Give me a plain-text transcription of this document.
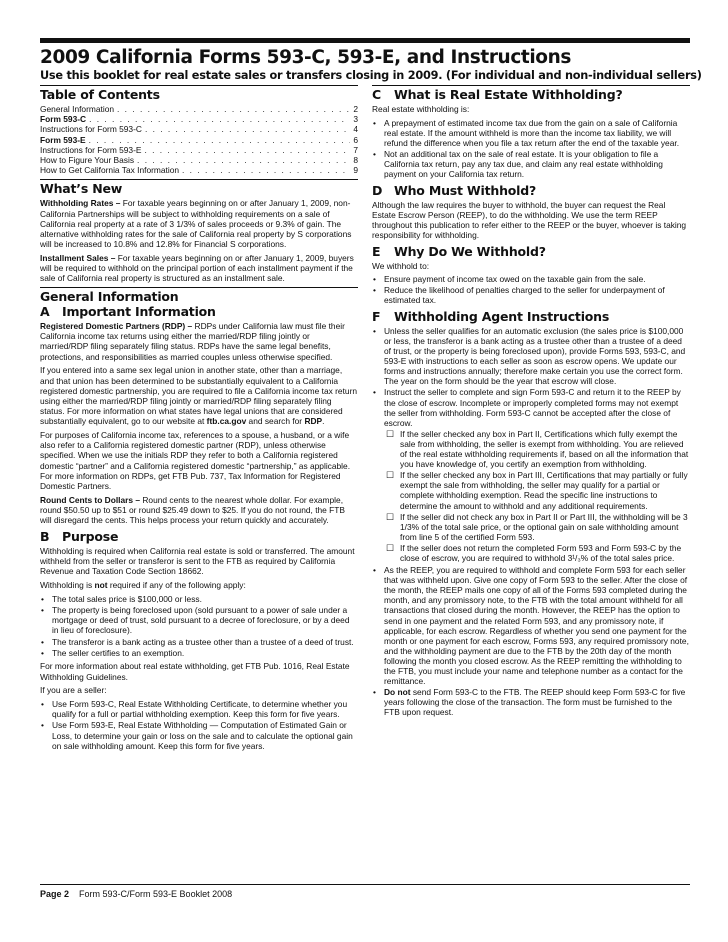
2009 California Forms 593-C, 593-E, and Instructions
Use this booklet for real estate sales or transfers closing in 2009. (For individual and non-individual sellers)
Table of Contents
General Information . . .	2
Form 593-C . . .	3
Instructions for Form 593-C . . .	4
Form 593-E . . .	6
Instructions for Form 593-E . . .	7
How to Figure Your Basis . . .	8
How to Get California Tax Information . . .	9
What’s New

Withholding Rates – For taxable years beginning on or after January 1, 2009, non-California Partnerships will be subject to withholding requirements on a sale of California real property at a rate of 3 1/3% of sales proceeds or 9.3% of gain. The alternative withholding rates for the sale of California real property by S corporations will be increased to 10.8% and 12.8% for Financial S corporations.

Installment Sales – For taxable years beginning on or after January 1, 2009, buyers will be required to withhold on the principal portion of each installment payment if the sale of California real property is structured as an installment sale.

General Information
A Important Information

Registered Domestic Partners (RDP) – RDPs under California law must file their California income tax returns using either the married/RDP filing jointly or married/RDP filing separately filing status. RDPs have the same legal benefits, protections, and responsibilities as married couples unless otherwise specified.

If you entered into a same sex legal union in another state, other than a marriage, and that union has been determined to be substantially equivalent to a California registered domestic partnership, you are required to file a California income tax return using either the married/RDP filing jointly or married/RDP filing separately filing status. For more information on what states have legal unions that are considered substantially equivalent, go to our website at ftb.ca.gov and search for RDP.

For purposes of California income tax, references to a spouse, a husband, or a wife also refer to a California registered domestic partner (RDP), unless otherwise specified. When we use the initials RDP they refer to both a California registered domestic “partner” and a California registered domestic “partnership,” as applicable. For more information on RDPs, get FTB Pub. 737, Tax Information for Registered Domestic Partners.

Round Cents to Dollars – Round cents to the nearest whole dollar. For example, round $50.50 up to $51 or round $25.49 down to $25. If you do not round, the FTB will disregard the cents. This helps process your return quickly and accurately.

B Purpose

Withholding is required when California real estate is sold or transferred. The amount withheld from the seller or transferor is sent to the FTB as required by California Revenue and Taxation Code Section 18662.

Withholding is not required if any of the following apply:

• The total sales price is $100,000 or less.
• The property is being foreclosed upon (sold pursuant to a power of sale under a mortgage or deed of trust, sold pursuant to a decree of foreclosure, or by a deed in lieu of foreclosure).
• The transferor is a bank acting as a trustee other than a trustee of a deed of trust.
• The seller certifies to an exemption.

For more information about real estate withholding, get FTB Pub. 1016, Real Estate Withholding Guidelines.

If you are a seller:

• Use Form 593-C, Real Estate Withholding Certificate, to determine whether you qualify for a full or partial withholding exemption. Keep this form for five years.
• Use Form 593-E, Real Estate Withholding — Computation of Estimated Gain or Loss, to determine your gain or loss on the sale and to calculate the optional gain on sale withholding amount. Keep this form for five years.
C What is Real Estate Withholding?

Real estate withholding is:

• A prepayment of estimated income tax due from the gain on a sale of California real estate. If the amount withheld is more than the income tax liability, we will refund the difference when you file a tax return after the end of the taxable year.
• Not an additional tax on the sale of real estate. It is your obligation to file a California tax return, pay any tax due, and claim any real estate withholding payment on your California tax return.
D Who Must Withhold?

Although the law requires the buyer to withhold, the buyer can request the Real Estate Escrow Person (REEP), to do the withholding. We use the term REEP throughout this publication to refer either to the REEP or the buyer, whoever is taking responsibility for withholding.

E Why Do We Withhold?

We withhold to:

• Ensure payment of income tax owed on the taxable gain from the sale.
• Reduce the likelihood of penalties charged to the seller for underpayment of estimated tax.
F Withholding Agent Instructions
• Unless the seller qualifies for an automatic exclusion (the sales price is $100,000 or less, the transferor is a bank acting as a trustee other than a trustee of a deed of trust, or the property is being foreclosed upon), provide Forms 593, 593-C, and 593-E with instructions to each seller as soon as escrow opens. We update our forms and instructions annually; therefore make certain you use the correct form. The year on the form should be the year that escrow will close.
• Instruct the seller to complete and sign Form 593-C and return it to the REEP by the close of escrow. Incomplete or improperly completed forms may not exempt the seller from withholding. Form 593-C cannot be accepted after the close of escrow.
☐ If the seller checked any box in Part II, Certifications which fully exempt the sale from withholding, the seller is exempt from withholding. You are relieved of the real estate withholding requirements if, based on all the information that you have knowledge of, you certify an exemption from withholding.
☐ If the seller checked any box in Part III, Certifications that may partially or fully exempt the sale from withholding, the seller may qualify for a partial or complete withholding exemption. Read the specific line instructions to determine the amount to withhold and any additional requirements.
☐ If the seller did not check any box in Part II or Part III, the withholding will be 3 1/3% of the total sale price, or the optional gain on sale withholding amount from line 5 of the certified Form 593.
☐ If the seller does not return the completed Form 593 and Form 593-C by the close of escrow, you are required to withhold 3¹/₃% of the total sales price.
• As the REEP, you are required to withhold and complete Form 593 for each seller that was withheld upon. Give one copy of Form 593 to the seller. After the close of the month, the REEP mails one copy of all of the Forms 593 completed during the month, and any promissory note, to the FTB with the total amount withheld for all transactions that closed during the month. However, the REEP has the option to send in one payment and the related Form 593, and any promissory note, if applicable, for each escrow. Regardless of whether you send one payment for the month or one payment for each escrow, Forms 593, any required promissory note, and the withholding payment are due to the FTB by the 20th day of the month following the month you closed escrow. As the REEP remitting the withholding to the FTB, you must include your name and telephone number as a contact for the remittance.
• Do not send Form 593-C to the FTB. The REEP should keep Form 593-C for five years following the close of the transaction. The form must be furnished to the FTB upon request.
Page 2 Form 593-C/Form 593-E Booklet 2008
